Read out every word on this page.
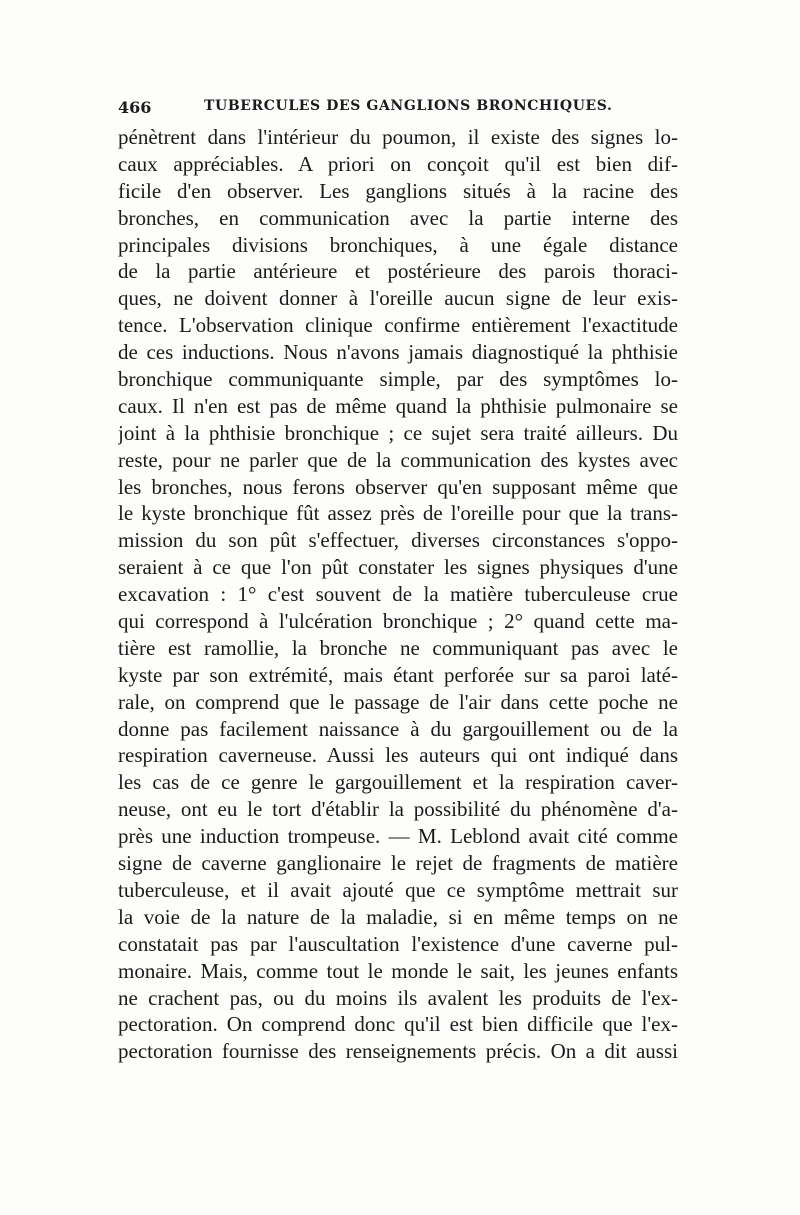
466	TUBERCULES DES GANGLIONS BRONCHIQUES.
pénètrent dans l'intérieur du poumon, il existe des signes lo-
caux appréciables. A priori on conçoit qu'il est bien dif-
ficile d'en observer. Les ganglions situés à la racine des
bronches, en communication avec la partie interne des
principales divisions bronchiques, à une égale distance
de la partie antérieure et postérieure des parois thoraci-
ques, ne doivent donner à l'oreille aucun signe de leur exis-
tence. L'observation clinique confirme entièrement l'exactitude
de ces inductions. Nous n'avons jamais diagnostiqué la phthisie
bronchique communiquante simple, par des symptômes lo-
caux. Il n'en est pas de même quand la phthisie pulmonaire se
joint à la phthisie bronchique ; ce sujet sera traité ailleurs. Du
reste, pour ne parler que de la communication des kystes avec
les bronches, nous ferons observer qu'en supposant même que
le kyste bronchique fût assez près de l'oreille pour que la trans-
mission du son pût s'effectuer, diverses circonstances s'oppo-
seraient à ce que l'on pût constater les signes physiques d'une
excavation : 1° c'est souvent de la matière tuberculeuse crue
qui correspond à l'ulcération bronchique ; 2° quand cette ma-
tière est ramollie, la bronche ne communiquant pas avec le
kyste par son extrémité, mais étant perforée sur sa paroi laté-
rale, on comprend que le passage de l'air dans cette poche ne
donne pas facilement naissance à du gargouillement ou de la
respiration caverneuse. Aussi les auteurs qui ont indiqué dans
les cas de ce genre le gargouillement et la respiration caver-
neuse, ont eu le tort d'établir la possibilité du phénomène d'a-
près une induction trompeuse. — M. Leblond avait cité comme
signe de caverne ganglionaire le rejet de fragments de matière
tuberculeuse, et il avait ajouté que ce symptôme mettrait sur
la voie de la nature de la maladie, si en même temps on ne
constatait pas par l'auscultation l'existence d'une caverne pul-
monaire. Mais, comme tout le monde le sait, les jeunes enfants
ne crachent pas, ou du moins ils avalent les produits de l'ex-
pectoration. On comprend donc qu'il est bien difficile que l'ex-
pectoration fournisse des renseignements précis. On a dit aussi
